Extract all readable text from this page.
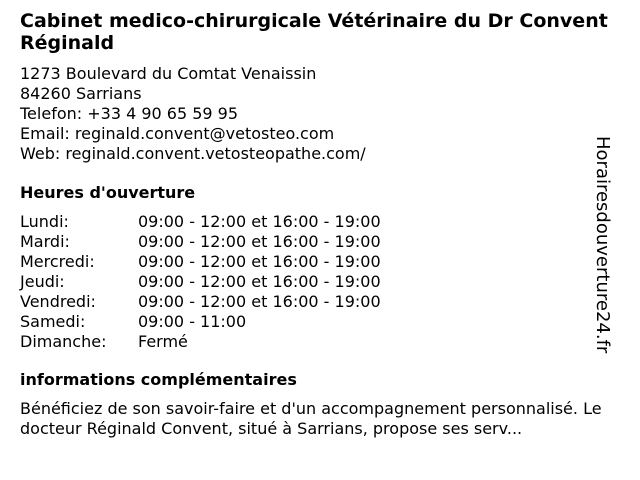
Cabinet medico-chirurgicale Vétérinaire du Dr Convent Réginald
1273 Boulevard du Comtat Venaissin
84260 Sarrians
Telefon: +33 4 90 65 59 95
Email: reginald.convent@vetosteo.com
Web: reginald.convent.vetosteopathe.com/
Heures d'ouverture
Lundi:	09:00 - 12:00 et 16:00 - 19:00
Mardi:	09:00 - 12:00 et 16:00 - 19:00
Mercredi:	09:00 - 12:00 et 16:00 - 19:00
Jeudi:	09:00 - 12:00 et 16:00 - 19:00
Vendredi:	09:00 - 12:00 et 16:00 - 19:00
Samedi:	09:00 - 11:00
Dimanche:	Fermé
informations complémentaires
Bénéficiez de son savoir-faire et d'un accompagnement personnalisé. Le docteur Réginald Convent, situé à Sarrians, propose ses serv...
Horairesdouverture24.fr
